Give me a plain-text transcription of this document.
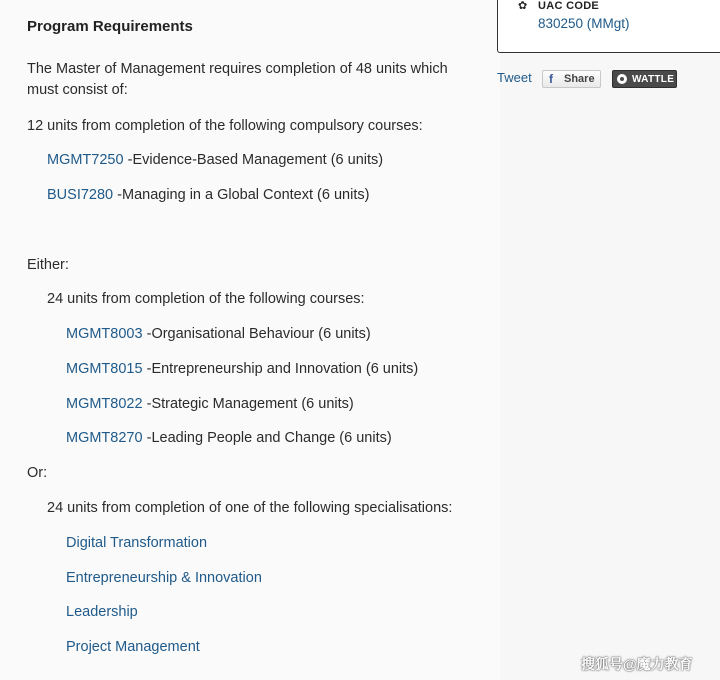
Program Requirements
The Master of Management requires completion of 48 units which must consist of:
12 units from completion of the following compulsory courses:
MGMT7250 -Evidence-Based Management (6 units)
BUSI7280 -Managing in a Global Context (6 units)
Either:
24 units from completion of the following courses:
MGMT8003 -Organisational Behaviour (6 units)
MGMT8015 -Entrepreneurship and Innovation (6 units)
MGMT8022 -Strategic Management (6 units)
MGMT8270 -Leading People and Change (6 units)
Or:
24 units from completion of one of the following specialisations:
Digital Transformation
Entrepreneurship & Innovation
Leadership
Project Management
✿ UAC CODE
830250 (MMgt)
Tweet f Share	WATTLE
搜狐号@魔力教育
